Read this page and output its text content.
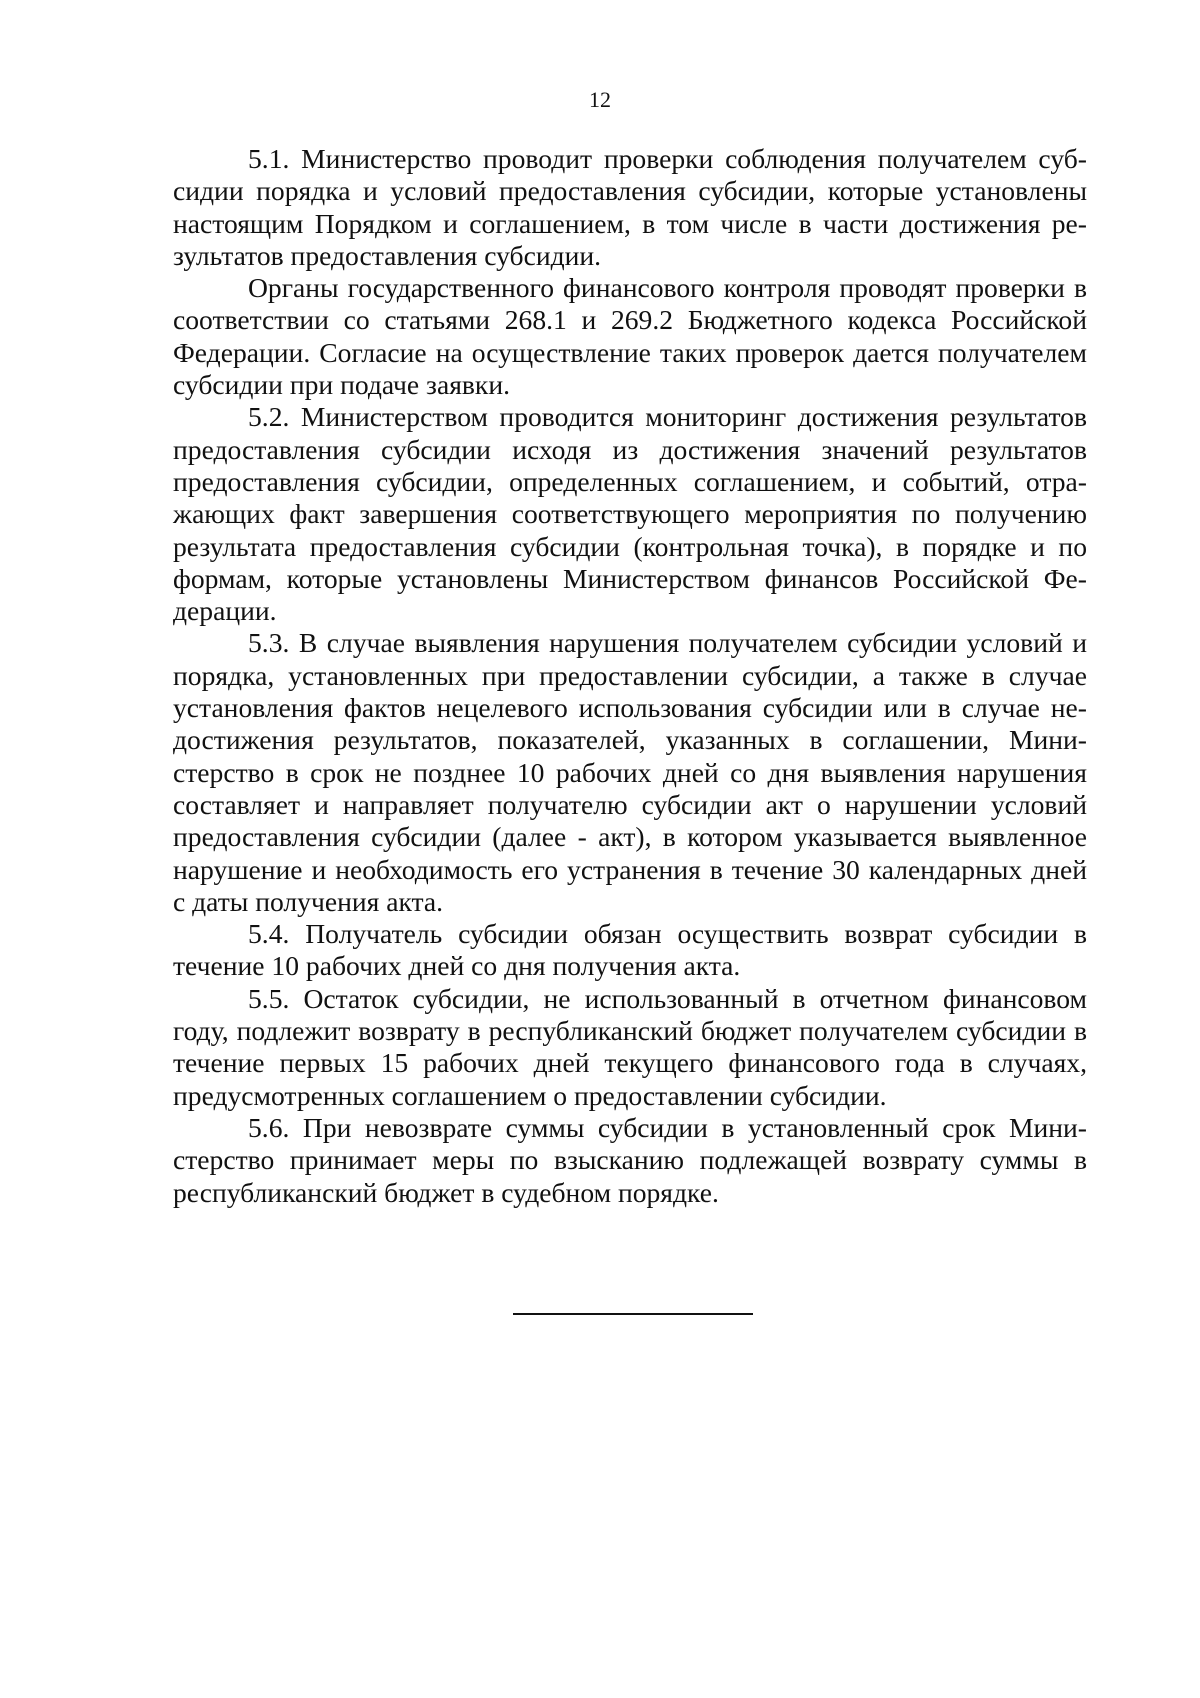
12

5.1. Министерство проводит проверки соблюдения получателем субсидии порядка и условий предоставления субсидии, которые установлены настоящим Порядком и соглашением, в том числе в части достижения результатов предоставления субсидии.

Органы государственного финансового контроля проводят проверки в соответствии со статьями 268.1 и 269.2 Бюджетного кодекса Российской Федерации. Согласие на осуществление таких проверок дается получателем субсидии при подаче заявки.

5.2. Министерством проводится мониторинг достижения результатов предоставления субсидии исходя из достижения значений результатов предоставления субсидии, определенных соглашением, и событий, отражающих факт завершения соответствующего мероприятия по получению результата предоставления субсидии (контрольная точка), в порядке и по формам, которые установлены Министерством финансов Российской Федерации.

5.3. В случае выявления нарушения получателем субсидии условий и порядка, установленных при предоставлении субсидии, а также в случае установления фактов нецелевого использования субсидии или в случае недостижения результатов, показателей, указанных в соглашении, Министерство в срок не позднее 10 рабочих дней со дня выявления нарушения составляет и направляет получателю субсидии акт о нарушении условий предоставления субсидии (далее - акт), в котором указывается выявленное нарушение и необходимость его устранения в течение 30 календарных дней с даты получения акта.

5.4. Получатель субсидии обязан осуществить возврат субсидии в течение 10 рабочих дней со дня получения акта.

5.5. Остаток субсидии, не использованный в отчетном финансовом году, подлежит возврату в республиканский бюджет получателем субсидии в течение первых 15 рабочих дней текущего финансового года в случаях, предусмотренных соглашением о предоставлении субсидии.

5.6. При невозврате суммы субсидии в установленный срок Министерство принимает меры по взысканию подлежащей возврату суммы в республиканский бюджет в судебном порядке.
